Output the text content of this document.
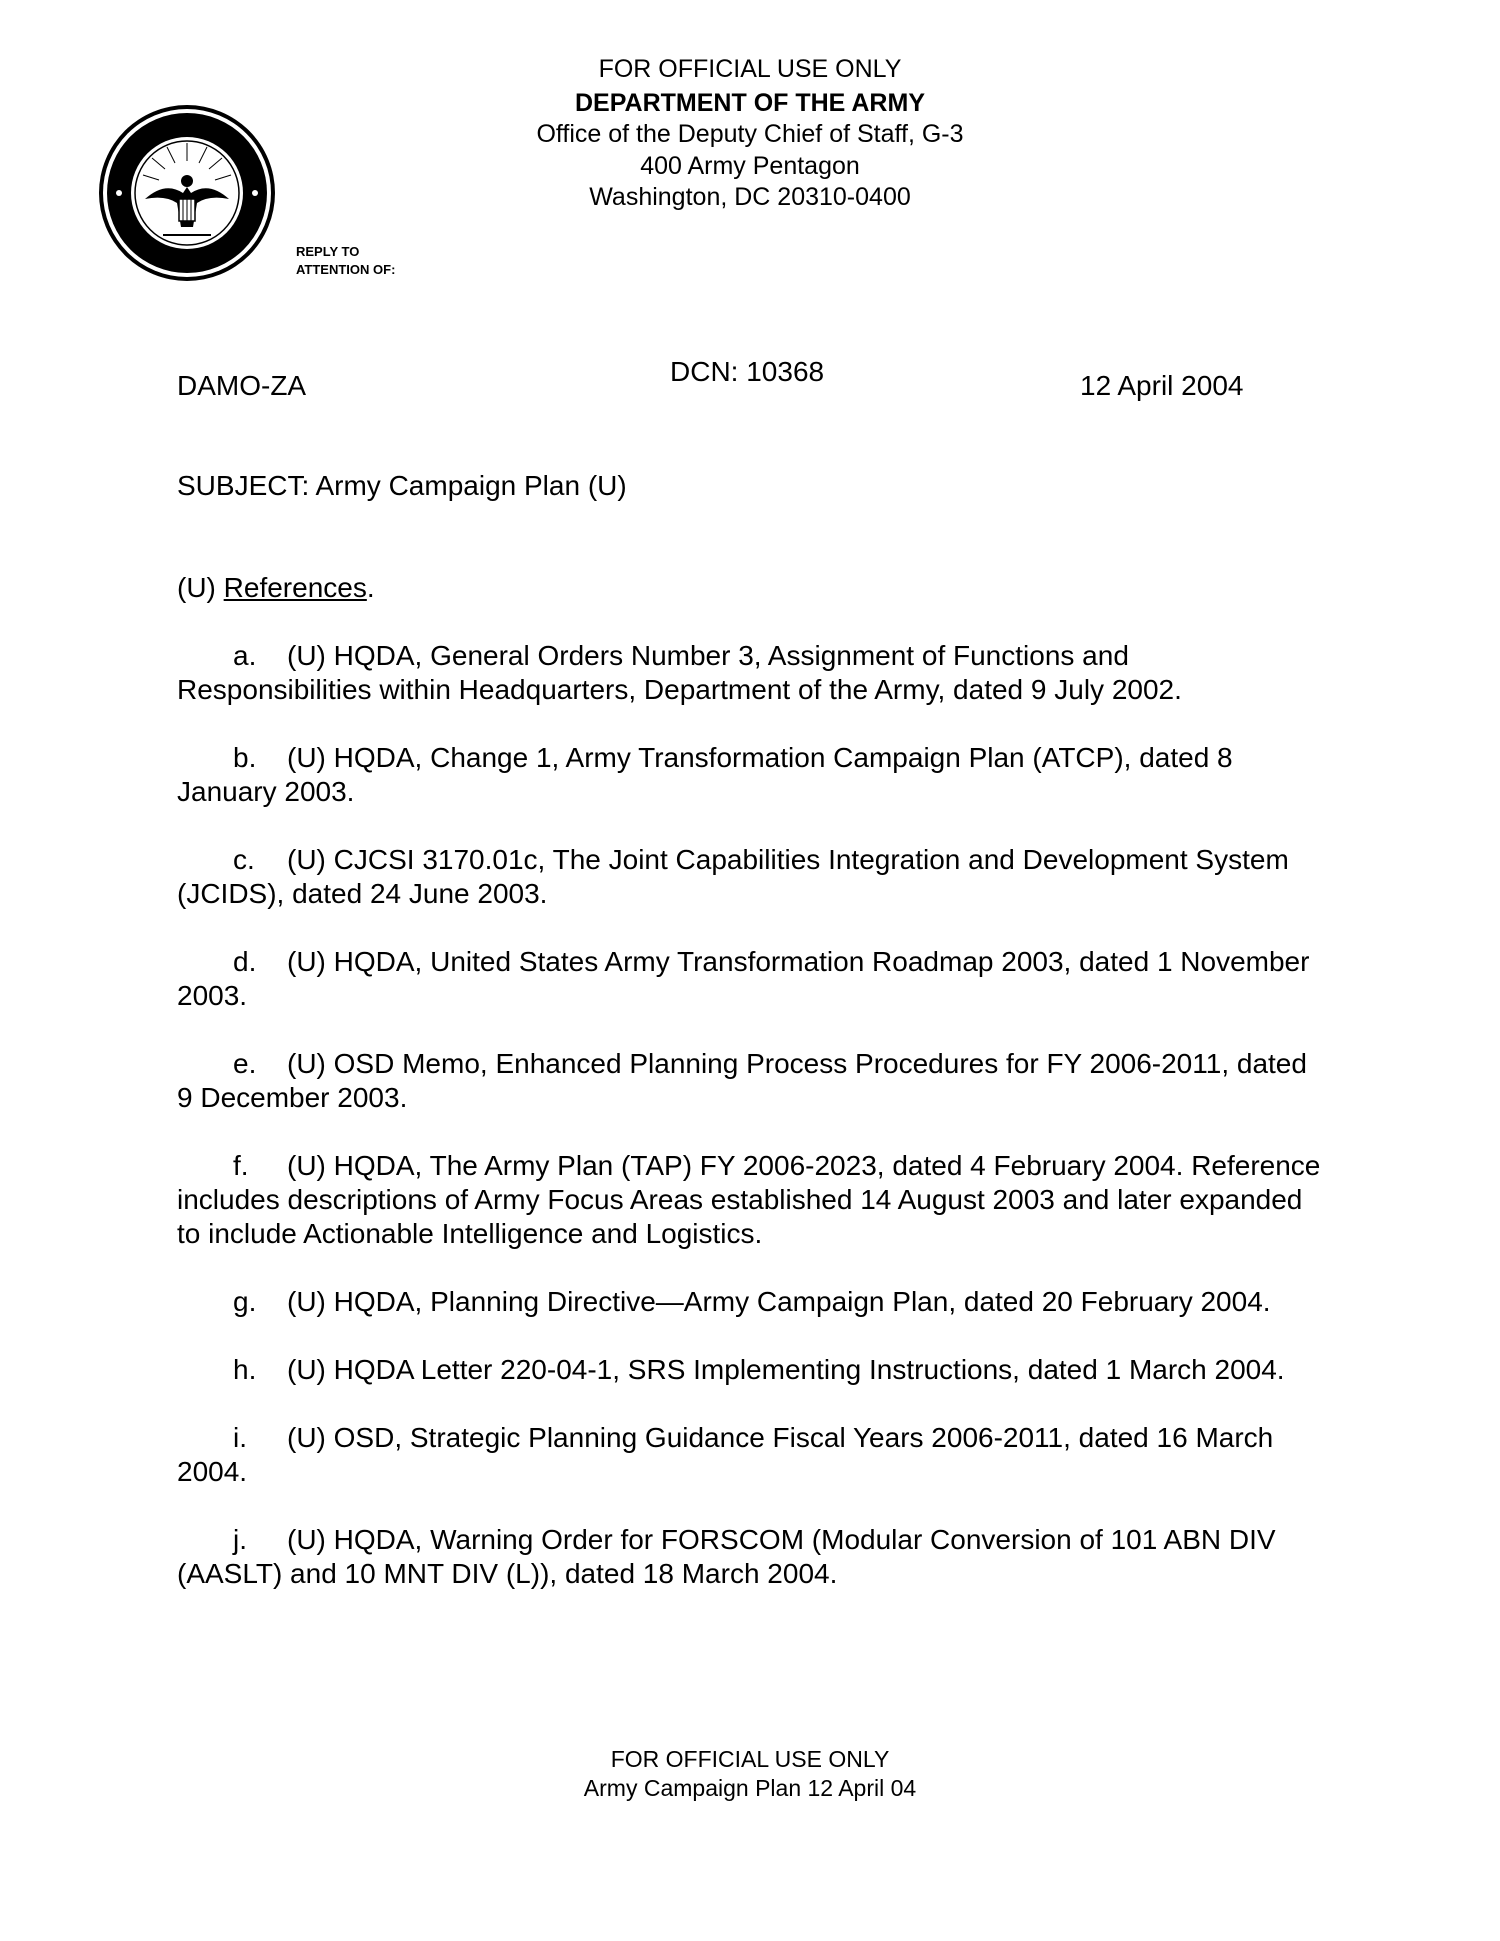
FOR OFFICIAL USE ONLY
DEPARTMENT OF THE ARMY
Office of the Deputy Chief of Staff, G-3
400 Army Pentagon
Washington, DC 20310-0400
REPLY TO
ATTENTION OF:
DAMO-ZA	DCN: 10368	12 April 2004
SUBJECT: Army Campaign Plan (U)
(U) References.
a. (U) HQDA, General Orders Number 3, Assignment of Functions and Responsibilities within Headquarters, Department of the Army, dated 9 July 2002.
b. (U) HQDA, Change 1, Army Transformation Campaign Plan (ATCP), dated 8 January 2003.
c. (U) CJCSI 3170.01c, The Joint Capabilities Integration and Development System (JCIDS), dated 24 June 2003.
d. (U) HQDA, United States Army Transformation Roadmap 2003, dated 1 November 2003.
e. (U) OSD Memo, Enhanced Planning Process Procedures for FY 2006-2011, dated 9 December 2003.
f. (U) HQDA, The Army Plan (TAP) FY 2006-2023, dated 4 February 2004. Reference includes descriptions of Army Focus Areas established 14 August 2003 and later expanded to include Actionable Intelligence and Logistics.
g. (U) HQDA, Planning Directive—Army Campaign Plan, dated 20 February 2004.
h. (U) HQDA Letter 220-04-1, SRS Implementing Instructions, dated 1 March 2004.
i. (U) OSD, Strategic Planning Guidance Fiscal Years 2006-2011, dated 16 March 2004.
j. (U) HQDA, Warning Order for FORSCOM (Modular Conversion of 101 ABN DIV (AASLT) and 10 MNT DIV (L)), dated 18 March 2004.
FOR OFFICIAL USE ONLY
Army Campaign Plan 12 April 04
